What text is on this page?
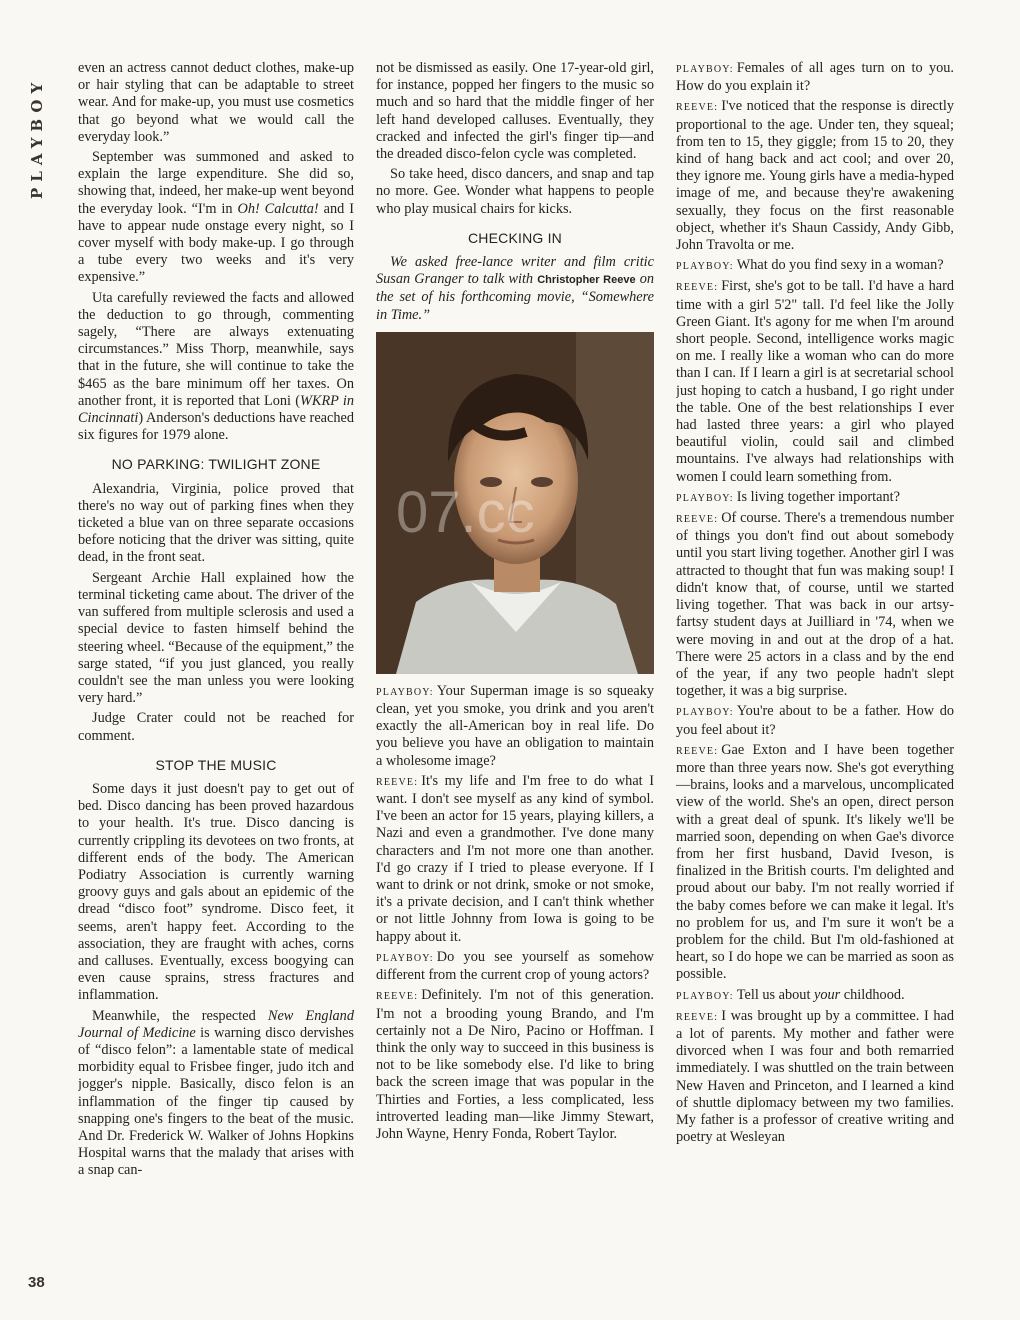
PLAYBOY
38

even an actress cannot deduct clothes, make-up or hair styling that can be adaptable to street wear. And for make-up, you must use cosmetics that go beyond what we would call the everyday look.”

September was summoned and asked to explain the large expenditure. She did so, showing that, indeed, her make-up went beyond the everyday look. “I'm in Oh! Calcutta! and I have to appear nude onstage every night, so I cover myself with body make-up. I go through a tube every two weeks and it's very expensive.”

Uta carefully reviewed the facts and allowed the deduction to go through, commenting sagely, “There are always extenuating circumstances.” Miss Thorp, meanwhile, says that in the future, she will continue to take the $465 as the bare minimum off her taxes. On another front, it is reported that Loni (WKRP in Cincinnati) Anderson's deductions have reached six figures for 1979 alone.

NO PARKING: TWILIGHT ZONE

Alexandria, Virginia, police proved that there's no way out of parking fines when they ticketed a blue van on three separate occasions before noticing that the driver was sitting, quite dead, in the front seat.

Sergeant Archie Hall explained how the terminal ticketing came about. The driver of the van suffered from multiple sclerosis and used a special device to fasten himself behind the steering wheel. “Because of the equipment,” the sarge stated, “if you just glanced, you really couldn't see the man unless you were looking very hard.”

Judge Crater could not be reached for comment.

STOP THE MUSIC

Some days it just doesn't pay to get out of bed. Disco dancing has been proved hazardous to your health. It's true. Disco dancing is currently crippling its devotees on two fronts, at different ends of the body. The American Podiatry Association is currently warning groovy guys and gals about an epidemic of the dread “disco foot” syndrome. Disco feet, it seems, aren't happy feet. According to the association, they are fraught with aches, corns and calluses. Eventually, excess boogying can even cause sprains, stress fractures and inflammation.

Meanwhile, the respected New England Journal of Medicine is warning disco dervishes of “disco felon”: a lamentable state of medical morbidity equal to Frisbee finger, judo itch and jogger's nipple. Basically, disco felon is an inflammation of the finger tip caused by snapping one's fingers to the beat of the music. And Dr. Frederick W. Walker of Johns Hopkins Hospital warns that the malady that arises with a snap can-

not be dismissed as easily. One 17-year-old girl, for instance, popped her fingers to the music so much and so hard that the middle finger of her left hand developed calluses. Eventually, they cracked and infected the girl's finger tip—and the dreaded disco-felon cycle was completed.

So take heed, disco dancers, and snap and tap no more. Gee. Wonder what happens to people who play musical chairs for kicks.

CHECKING IN

We asked free-lance writer and film critic Susan Granger to talk with Christopher Reeve on the set of his forthcoming movie, “Somewhere in Time.”

07.cc

PLAYBOY: Your Superman image is so squeaky clean, yet you smoke, you drink and you aren't exactly the all-American boy in real life. Do you believe you have an obligation to maintain a wholesome image?

REEVE: It's my life and I'm free to do what I want. I don't see myself as any kind of symbol. I've been an actor for 15 years, playing killers, a Nazi and even a grandmother. I've done many characters and I'm not more one than another. I'd go crazy if I tried to please everyone. If I want to drink or not drink, smoke or not smoke, it's a private decision, and I can't think whether or not little Johnny from Iowa is going to be happy about it.

PLAYBOY: Do you see yourself as somehow different from the current crop of young actors?

REEVE: Definitely. I'm not of this generation. I'm not a brooding young Brando, and I'm certainly not a De Niro, Pacino or Hoffman. I think the only way to succeed in this business is not to be like somebody else. I'd like to bring back the screen image that was popular in the Thirties and Forties, a less complicated, less introverted leading man—like Jimmy Stewart, John Wayne, Henry Fonda, Robert Taylor.

PLAYBOY: Females of all ages turn on to you. How do you explain it?

REEVE: I've noticed that the response is directly proportional to the age. Under ten, they squeal; from ten to 15, they giggle; from 15 to 20, they kind of hang back and act cool; and over 20, they ignore me. Young girls have a media-hyped image of me, and because they're awakening sexually, they focus on the first reasonable object, whether it's Shaun Cassidy, Andy Gibb, John Travolta or me.

PLAYBOY: What do you find sexy in a woman?

REEVE: First, she's got to be tall. I'd have a hard time with a girl 5'2" tall. I'd feel like the Jolly Green Giant. It's agony for me when I'm around short people. Second, intelligence works magic on me. I really like a woman who can do more than I can. If I learn a girl is at secretarial school just hoping to catch a husband, I go right under the table. One of the best relationships I ever had lasted three years: a girl who played beautiful violin, could sail and climbed mountains. I've always had relationships with women I could learn something from.

PLAYBOY: Is living together important?

REEVE: Of course. There's a tremendous number of things you don't find out about somebody until you start living together. Another girl I was attracted to thought that fun was making soup! I didn't know that, of course, until we started living together. That was back in our artsy-fartsy student days at Juilliard in '74, when we were moving in and out at the drop of a hat. There were 25 actors in a class and by the end of the year, if any two people hadn't slept together, it was a big surprise.

PLAYBOY: You're about to be a father. How do you feel about it?

REEVE: Gae Exton and I have been together more than three years now. She's got everything—brains, looks and a marvelous, uncomplicated view of the world. She's an open, direct person with a great deal of spunk. It's likely we'll be married soon, depending on when Gae's divorce from her first husband, David Iveson, is finalized in the British courts. I'm delighted and proud about our baby. I'm not really worried if the baby comes before we can make it legal. It's no problem for us, and I'm sure it won't be a problem for the child. But I'm old-fashioned at heart, so I do hope we can be married as soon as possible.

PLAYBOY: Tell us about your childhood.

REEVE: I was brought up by a committee. I had a lot of parents. My mother and father were divorced when I was four and both remarried immediately. I was shuttled on the train between New Haven and Princeton, and I learned a kind of shuttle diplomacy between my two families. My father is a professor of creative writing and poetry at Wesleyan
